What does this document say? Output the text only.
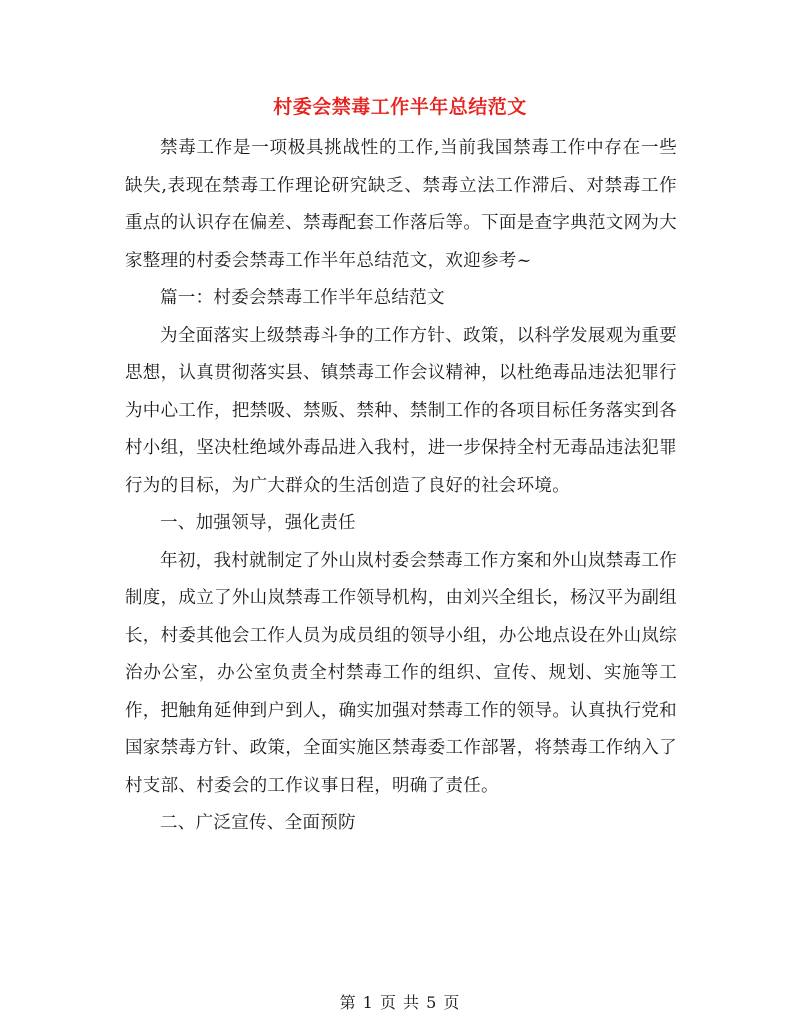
村委会禁毒工作半年总结范文

禁毒工作是一项极具挑战性的工作,当前我国禁毒工作中存在一些缺失,表现在禁毒工作理论研究缺乏、禁毒立法工作滞后、对禁毒工作重点的认识存在偏差、禁毒配套工作落后等。下面是查字典范文网为大家整理的村委会禁毒工作半年总结范文，欢迎参考~

篇一：村委会禁毒工作半年总结范文

为全面落实上级禁毒斗争的工作方针、政策，以科学发展观为重要思想，认真贯彻落实县、镇禁毒工作会议精神，以杜绝毒品违法犯罪行为中心工作，把禁吸、禁贩、禁种、禁制工作的各项目标任务落实到各村小组，坚决杜绝域外毒品进入我村，进一步保持全村无毒品违法犯罪行为的目标，为广大群众的生活创造了良好的社会环境。

一、加强领导，强化责任

年初，我村就制定了外山岚村委会禁毒工作方案和外山岚禁毒工作制度，成立了外山岚禁毒工作领导机构，由刘兴全组长，杨汉平为副组长，村委其他会工作人员为成员组的领导小组，办公地点设在外山岚综治办公室，办公室负责全村禁毒工作的组织、宣传、规划、实施等工作，把触角延伸到户到人，确实加强对禁毒工作的领导。认真执行党和国家禁毒方针、政策，全面实施区禁毒委工作部署，将禁毒工作纳入了村支部、村委会的工作议事日程，明确了责任。

二、广泛宣传、全面预防

第 1 页 共 5 页
